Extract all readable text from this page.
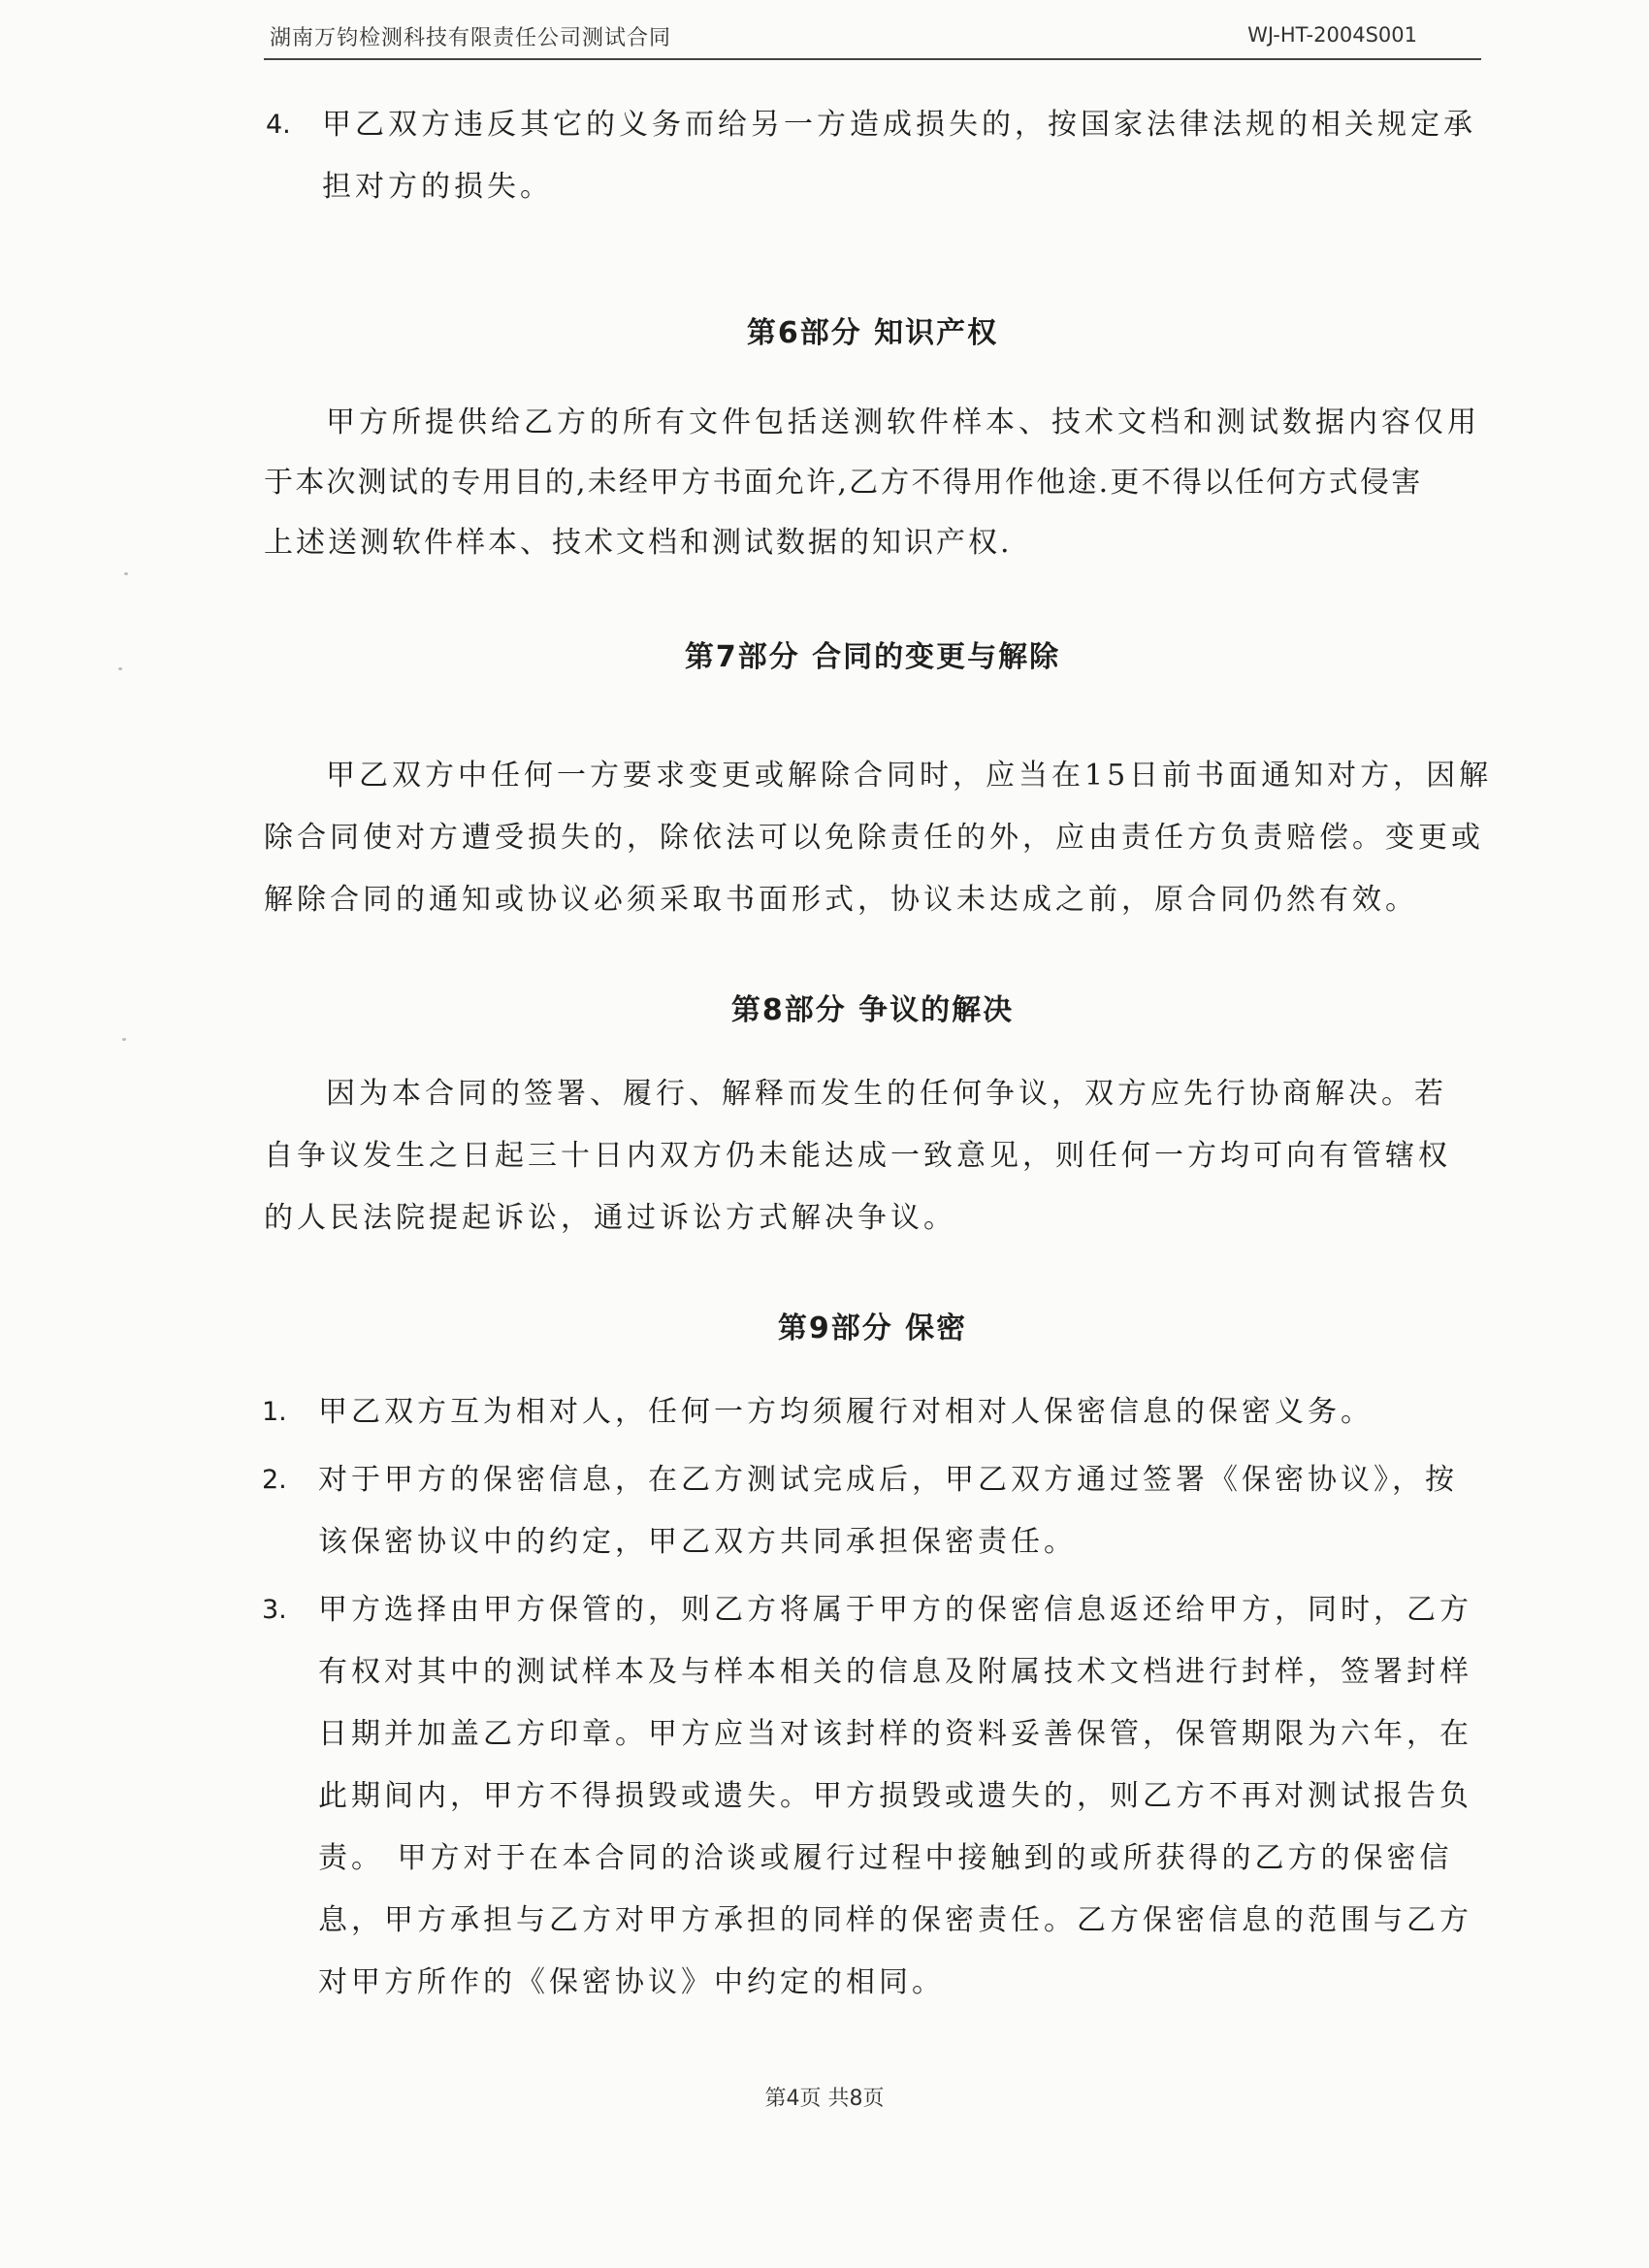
湖南万钧检测科技有限责任公司测试合同	WJ-HT-2004S001
4. 甲乙双方违反其它的义务而给另一方造成损失的，按国家法律法规的相关规定承

担对方的损失。

第6部分 知识产权

甲方所提供给乙方的所有文件包括送测软件样本、技术文档和测试数据内容仅用

于本次测试的专用目的,未经甲方书面允许,乙方不得用作他途.更不得以任何方式侵害

上述送测软件样本、技术文档和测试数据的知识产权.

第7部分 合同的变更与解除

甲乙双方中任何一方要求变更或解除合同时，应当在15日前书面通知对方，因解

除合同使对方遭受损失的，除依法可以免除责任的外，应由责任方负责赔偿。变更或

解除合同的通知或协议必须采取书面形式，协议未达成之前，原合同仍然有效。

第8部分 争议的解决

因为本合同的签署、履行、解释而发生的任何争议，双方应先行协商解决。若

自争议发生之日起三十日内双方仍未能达成一致意见，则任何一方均可向有管辖权

的人民法院提起诉讼，通过诉讼方式解决争议。

第9部分 保密
1. 甲乙双方互为相对人，任何一方均须履行对相对人保密信息的保密义务。

2. 对于甲方的保密信息，在乙方测试完成后，甲乙双方通过签署《保密协议》，按

该保密协议中的约定，甲乙双方共同承担保密责任。

3. 甲方选择由甲方保管的，则乙方将属于甲方的保密信息返还给甲方，同时，乙方

有权对其中的测试样本及与样本相关的信息及附属技术文档进行封样，签署封样

日期并加盖乙方印章。甲方应当对该封样的资料妥善保管，保管期限为六年，在

此期间内，甲方不得损毁或遗失。甲方损毁或遗失的，则乙方不再对测试报告负

责。 甲方对于在本合同的洽谈或履行过程中接触到的或所获得的乙方的保密信

息，甲方承担与乙方对甲方承担的同样的保密责任。乙方保密信息的范围与乙方

对甲方所作的《保密协议》中约定的相同。

第4页 共8页
